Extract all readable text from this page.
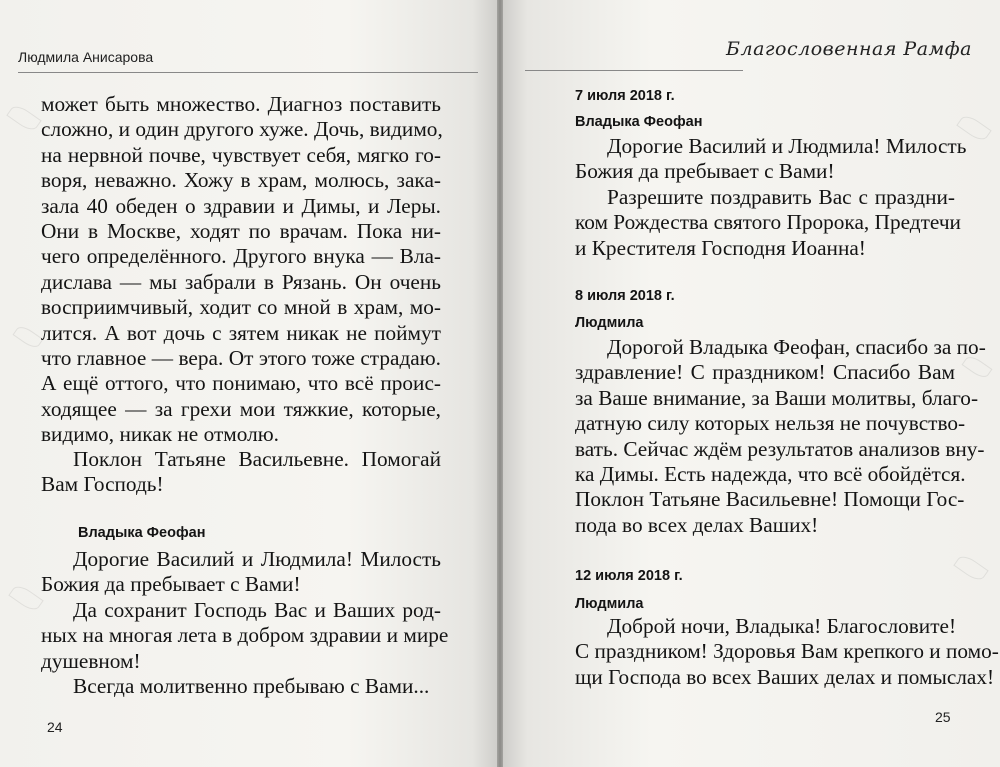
Людмила Анисарова
может быть множество. Диагноз поставить
сложно, и один другого хуже. Дочь, видимо,
на нервной почве, чувствует себя, мягко го-
воря, неважно. Хожу в храм, молюсь, зака-
зала 40 обеден о здравии и Димы, и Леры.
Они в Москве, ходят по врачам. Пока ни-
чего определённого. Другого внука — Вла-
дислава — мы забрали в Рязань. Он очень
восприимчивый, ходит со мной в храм, мо-
лится. А вот дочь с зятем никак не поймут
что главное — вера. От этого тоже страдаю.
А ещё оттого, что понимаю, что всё проис-
ходящее — за грехи мои тяжкие, которые,
видимо, никак не отмолю.
Поклон Татьяне Васильевне. Помогай
Вам Господь!
Владыка Феофан
Дорогие Василий и Людмила! Милость
Божия да пребывает с Вами!
Да сохранит Господь Вас и Ваших род-
ных на многая лета в добром здравии и мире
душевном!
Всегда молитвенно пребываю с Вами...
24
Благословенная Рамфа
7 июля 2018 г.
Владыка Феофан
Дорогие Василий и Людмила! Милость
Божия да пребывает с Вами!
Разрешите поздравить Вас с праздни-
ком Рождества святого Пророка, Предтечи
и Крестителя Господня Иоанна!
8 июля 2018 г.
Людмила
Дорогой Владыка Феофан, спасибо за по-
здравление! С праздником! Спасибо Вам
за Ваше внимание, за Ваши молитвы, благо-
датную силу которых нельзя не почувство-
вать. Сейчас ждём результатов анализов вну-
ка Димы. Есть надежда, что всё обойдётся.
Поклон Татьяне Васильевне! Помощи Гос-
пода во всех делах Ваших!
12 июля 2018 г.
Людмила
Доброй ночи, Владыка! Благословите!
С праздником! Здоровья Вам крепкого и помо-
щи Господа во всех Ваших делах и помыслах!
25
